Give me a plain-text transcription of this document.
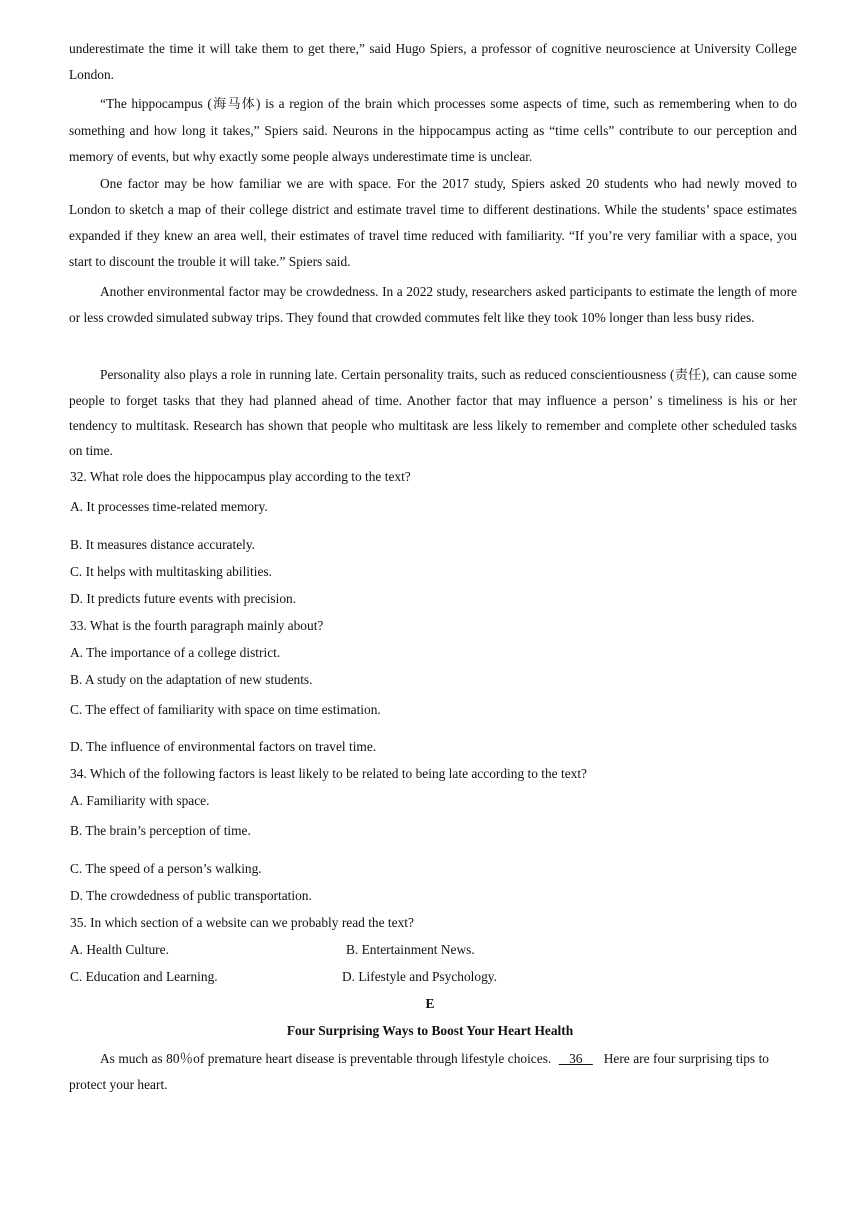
underestimate the time it will take them to get there,” said Hugo Spiers, a professor of cognitive neuroscience at University College London.

“The hippocampus (海马体) is a region of the brain which processes some aspects of time, such as remembering when to do something and how long it takes,” Spiers said. Neurons in the hippocampus acting as “time cells” contribute to our perception and memory of events, but why exactly some people always underestimate time is unclear.

One factor may be how familiar we are with space. For the 2017 study, Spiers asked 20 students who had newly moved to London to sketch a map of their college district and estimate travel time to different destinations. While the students’ space estimates expanded if they knew an area well, their estimates of travel time reduced with familiarity. “If you’re very familiar with a space, you start to discount the trouble it will take.” Spiers said.

Another environmental factor may be crowdedness. In a 2022 study, researchers asked participants to estimate the length of more or less crowded simulated subway trips. They found that crowded commutes felt like they took 10% longer than less busy rides.

Personality also plays a role in running late. Certain personality traits, such as reduced conscientiousness (责任), can cause some people to forget tasks that they had planned ahead of time. Another factor that may influence a person’ s timeliness is his or her tendency to multitask. Research has shown that people who multitask are less likely to remember and complete other scheduled tasks on time.

32. What role does the hippocampus play according to the text?

A. It processes time-related memory.

B. It measures distance accurately.

C. It helps with multitasking abilities.

D. It predicts future events with precision.

33. What is the fourth paragraph mainly about?

A. The importance of a college district.

B. A study on the adaptation of new students.

C. The effect of familiarity with space on time estimation.

D. The influence of environmental factors on travel time.

34. Which of the following factors is least likely to be related to being late according to the text?

A. Familiarity with space.

B. The brain’s perception of time.

C. The speed of a person’s walking.

D. The crowdedness of public transportation.

35. In which section of a website can we probably read the text?

A. Health Culture.	B. Entertainment News.

C. Education and Learning.	D. Lifestyle and Psychology.

E

Four Surprising Ways to Boost Your Heart Health

As much as 80％of premature heart disease is preventable through lifestyle choices. 36 Here are four surprising tips to protect your heart.
